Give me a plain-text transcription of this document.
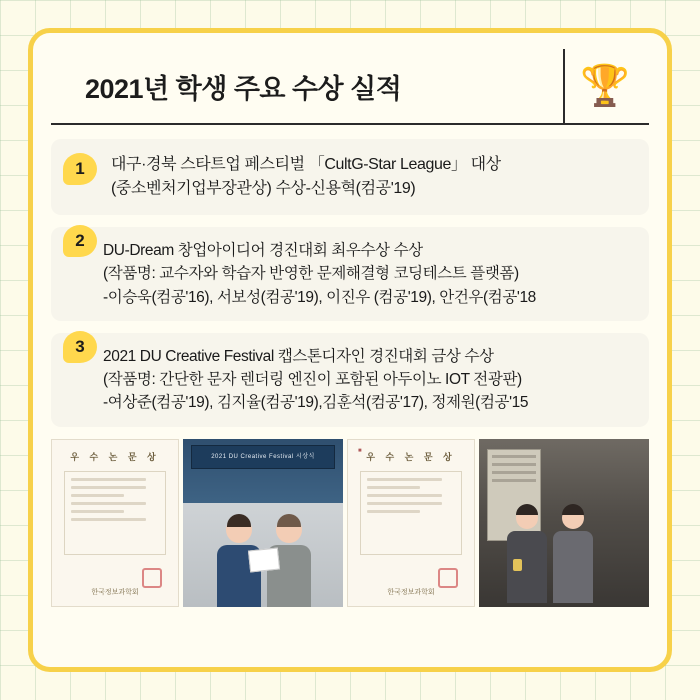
2021년 학생 주요 수상 실적	🏆
1	대구·경북 스타트업 페스티벌 「CultG-Star League」 대상
(중소벤처기업부장관상) 수상-신용혁(컴공'19)
2
DU-Dream 창업아이디어 경진대회 최우수상 수상
(작품명: 교수자와 학습자 반영한 문제해결형 코딩테스트 플랫폼)
-이승욱(컴공'16), 서보성(컴공'19), 이진우 (컴공'19), 안건우(컴공'18
3
2021 DU Creative Festival 캡스톤디자인 경진대회 금상 수상
(작품명: 간단한 문자 렌더링 엔진이 포함된 아두이노 IOT 전광판)
-여상준(컴공'19), 김지율(컴공'19),김훈석(컴공'17), 정제원(컴공'15
우 수 논 문 상
한국정보과학회
2021 DU Creative Festival 시상식
■
우 수 논 문 상
한국정보과학회
